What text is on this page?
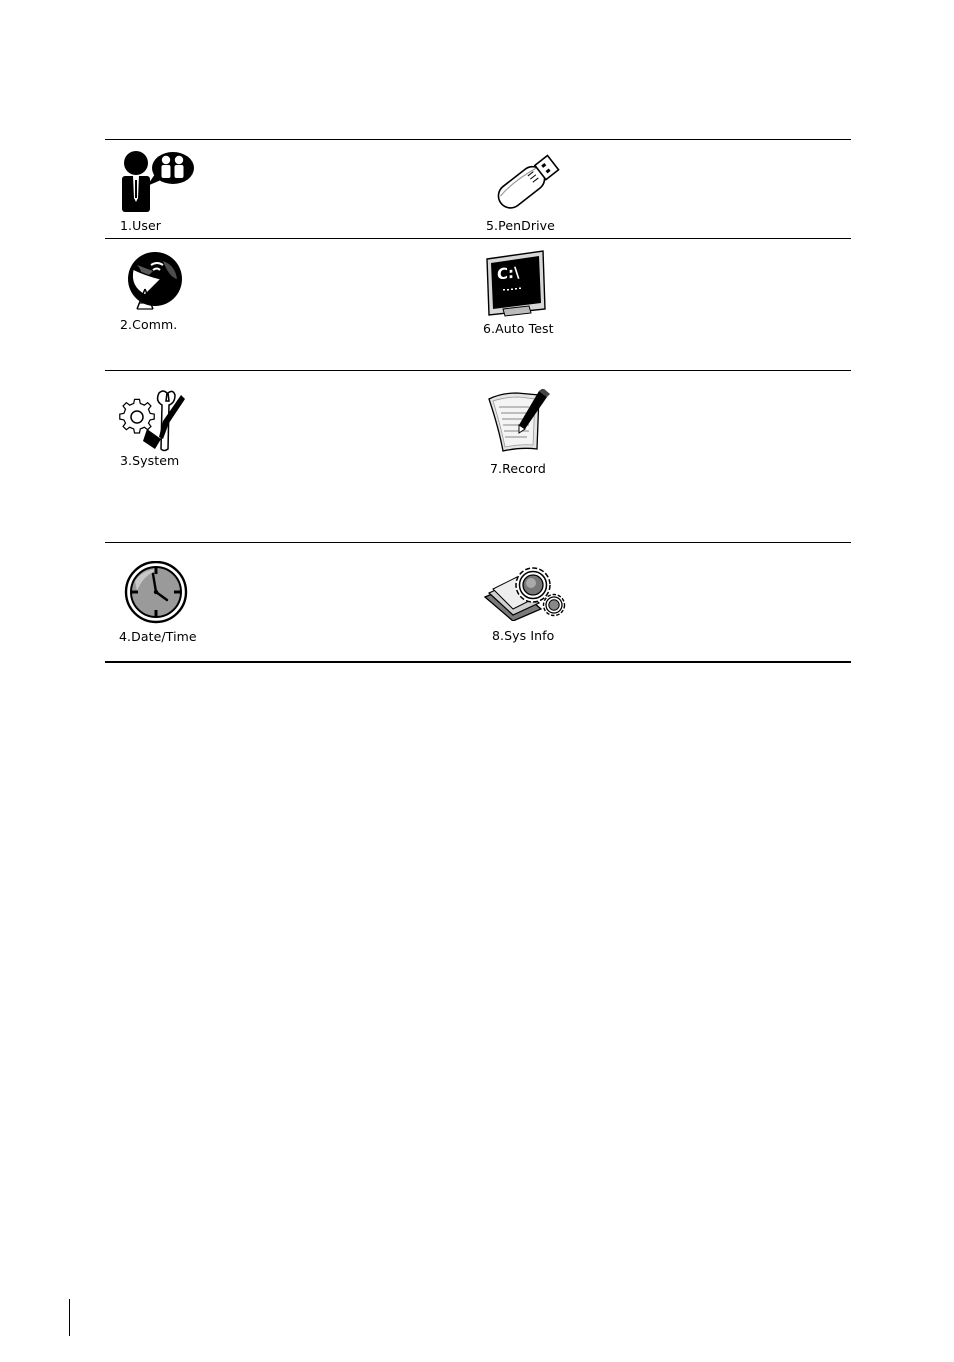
1.User	5.PenDrive
2.Comm.
C:\
6.Auto Test
3.System
7.Record
4.Date/Time	8.Sys Info
